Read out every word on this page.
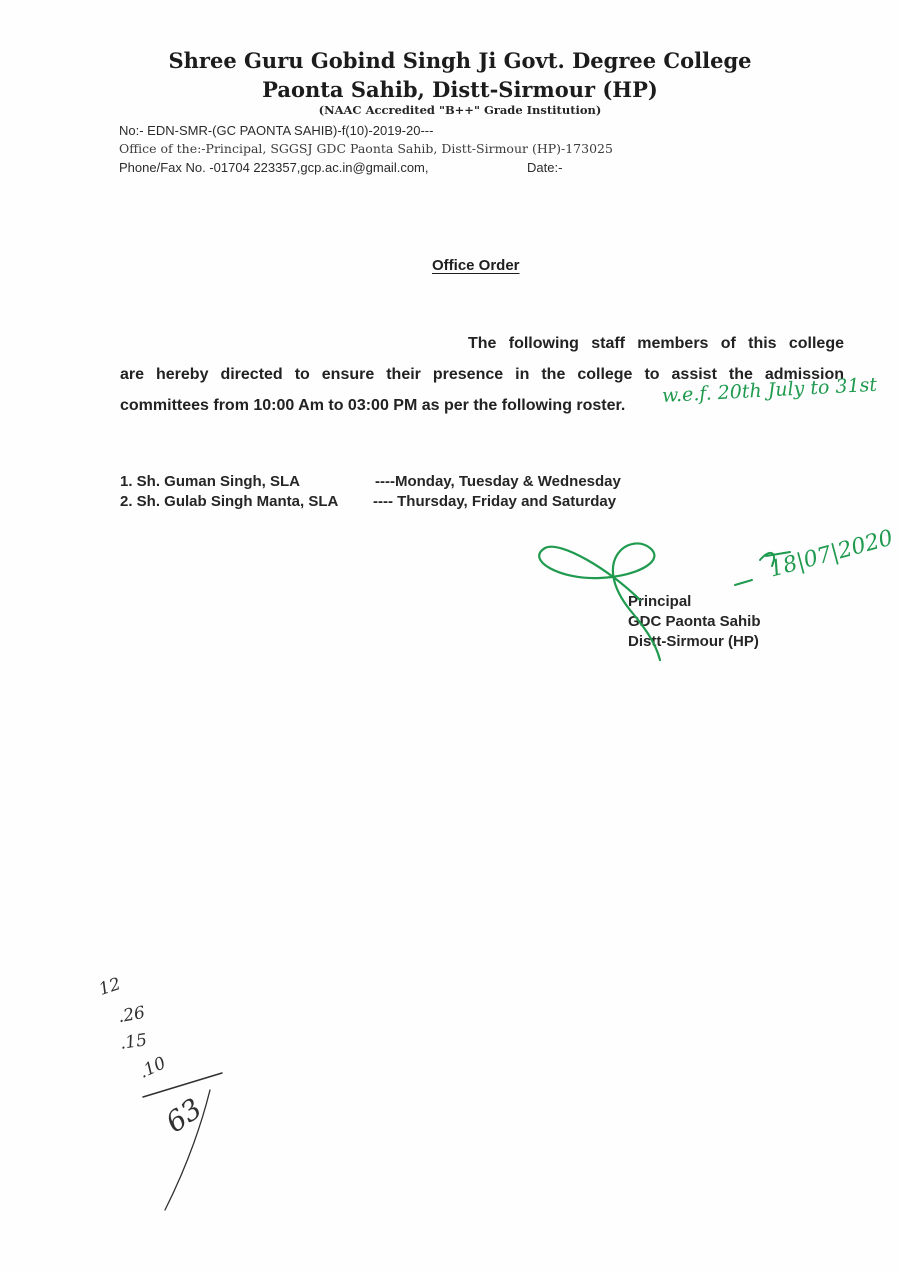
Shree Guru Gobind Singh Ji Govt. Degree College
Paonta Sahib, Distt-Sirmour (HP)
(NAAC Accredited "B++" Grade Institution)
No:- EDN-SMR-(GC PAONTA SAHIB)-f(10)-2019-20---
Office of the:-Principal, SGGSJ GDC Paonta Sahib, Distt-Sirmour (HP)-173025
Phone/Fax No. -01704 223357,gcp.ac.in@gmail.com,	Date:-
Office Order
The following staff members of this college
are hereby directed to ensure their presence in the college to assist the admission
committees from 10:00 Am to 03:00 PM as per the following roster.
1. Sh. Guman Singh, SLA	----Monday, Tuesday & Wednesday
2. Sh. Gulab Singh Manta, SLA ---- Thursday, Friday and Saturday
Principal
GDC Paonta Sahib
Distt-Sirmour (HP)
w.e.f. 20th July to 31st
18|07|2020
12
.26
.15
.10
63
